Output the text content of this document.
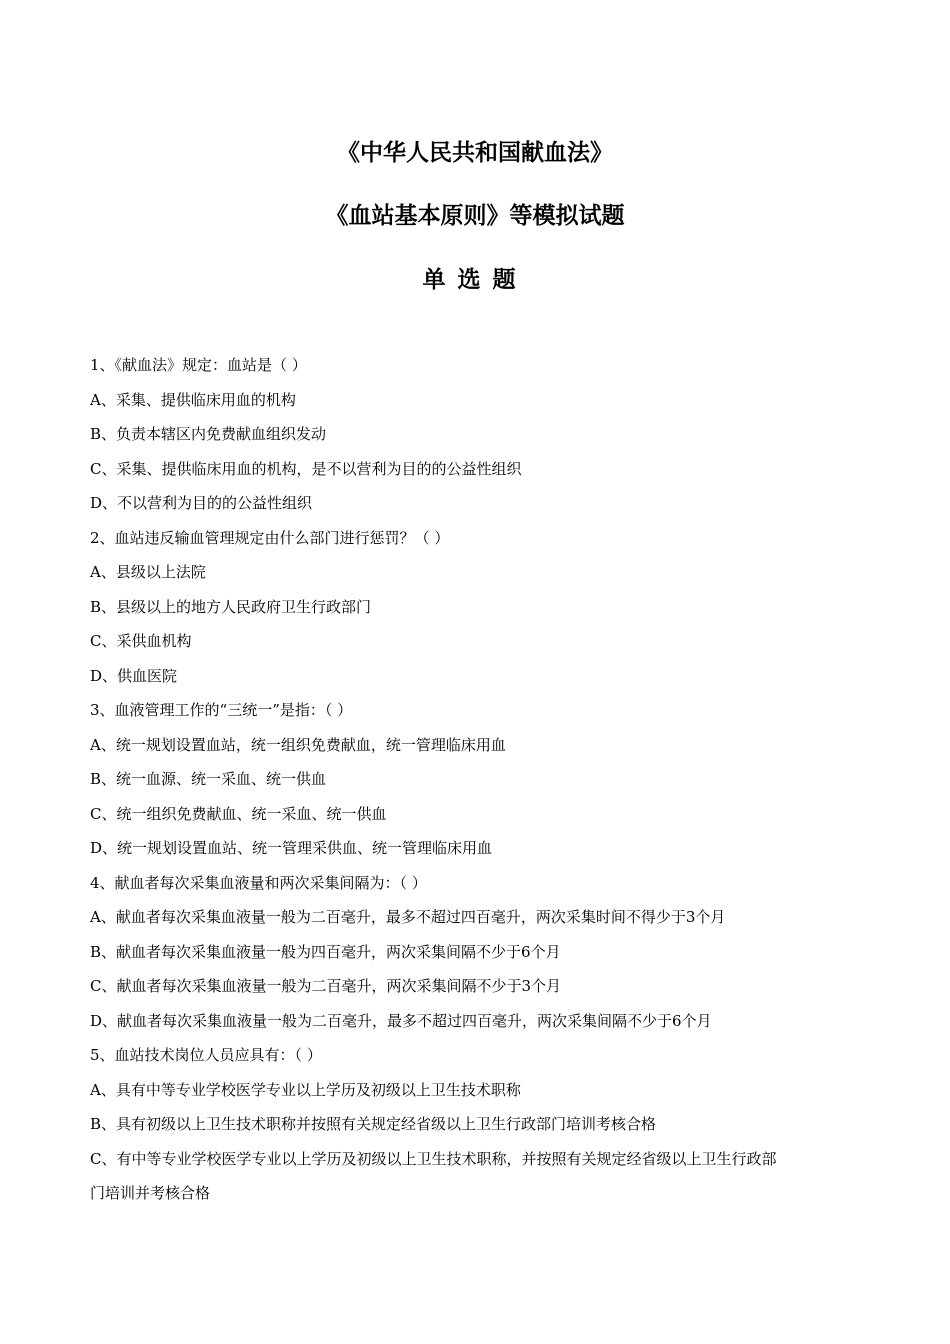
《中华人民共和国献血法》
《血站基本原则》等模拟试题
单选题
1、《献血法》规定：血站是（ ）
A、采集、提供临床用血的机构
B、负责本辖区内免费献血组织发动
C、采集、提供临床用血的机构，是不以营利为目的的公益性组织
D、不以营利为目的的公益性组织
2、血站违反输血管理规定由什么部门进行惩罚？（ ）
A、县级以上法院
B、县级以上的地方人民政府卫生行政部门
C、采供血机构
D、供血医院
3、血液管理工作的“三统一”是指：（ ）
A、统一规划设置血站，统一组织免费献血，统一管理临床用血
B、统一血源、统一采血、统一供血
C、统一组织免费献血、统一采血、统一供血
D、统一规划设置血站、统一管理采供血、统一管理临床用血
4、献血者每次采集血液量和两次采集间隔为：（ ）
A、献血者每次采集血液量一般为二百毫升，最多不超过四百毫升，两次采集时间不得少于3个月
B、献血者每次采集血液量一般为四百毫升，两次采集间隔不少于6个月
C、献血者每次采集血液量一般为二百毫升，两次采集间隔不少于3个月
D、献血者每次采集血液量一般为二百毫升，最多不超过四百毫升，两次采集间隔不少于6个月
5、血站技术岗位人员应具有：（ ）
A、具有中等专业学校医学专业以上学历及初级以上卫生技术职称
B、具有初级以上卫生技术职称并按照有关规定经省级以上卫生行政部门培训考核合格
C、有中等专业学校医学专业以上学历及初级以上卫生技术职称，并按照有关规定经省级以上卫生行政部
门培训并考核合格
